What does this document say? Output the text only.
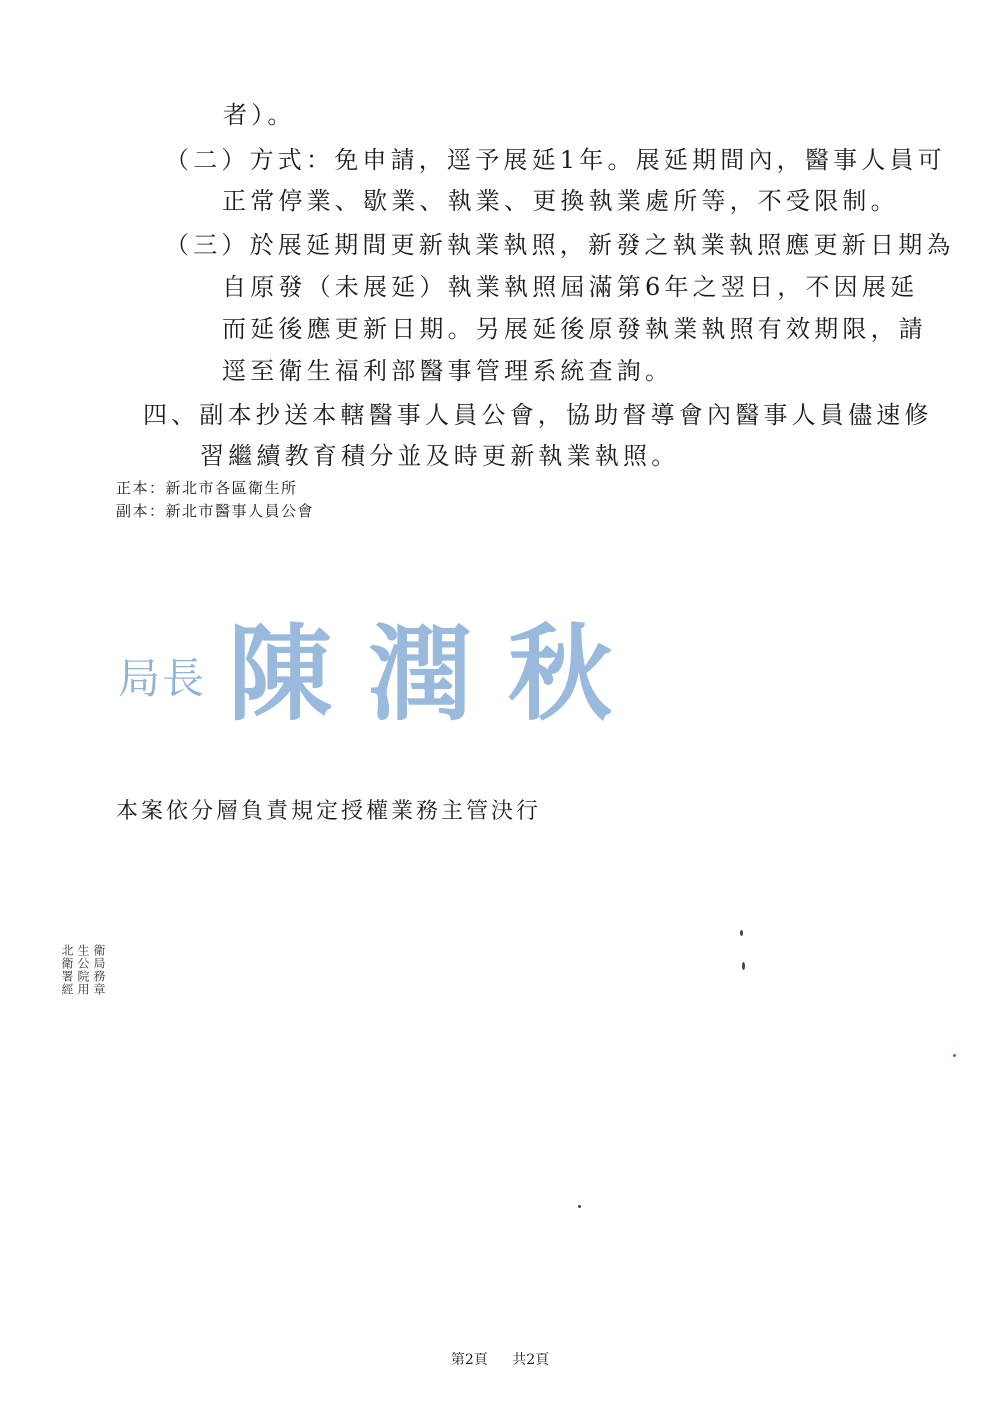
者）。
（二）方式：免申請，逕予展延1年。展延期間內，醫事人員可
正常停業、歇業、執業、更換執業處所等，不受限制。
（三）於展延期間更新執業執照，新發之執業執照應更新日期為
自原發（未展延）執業執照屆滿第6年之翌日，不因展延
而延後應更新日期。另展延後原發執業執照有效期限，請
逕至衛生福利部醫事管理系統查詢。
四、副本抄送本轄醫事人員公會，協助督導會內醫事人員儘速修
習繼續教育積分並及時更新執業執照。
正本：新北市各區衛生所
副本：新北市醫事人員公會
局長 陳潤秋
本案依分層負責規定授權業務主管決行
衛局務章
生公院用
北衛署經
第2頁 共2頁
